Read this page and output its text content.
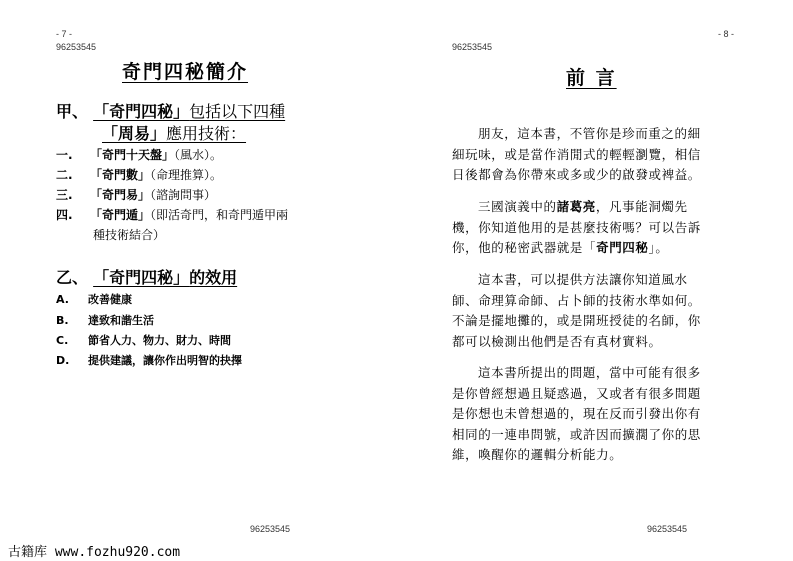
- 7 -
96253545
奇門四秘簡介
甲、 「奇門四秘」包括以下四種
「周易」應用技術：
一. 「奇門十天盤」（風水）。
二. 「奇門數」（命理推算）。
三. 「奇門易」（諮詢問事）
四. 「奇門遁」（即活奇門，和奇門遁甲兩
種技術結合）
乙、 「奇門四秘」的效用
A. 改善健康
B. 達致和諧生活
C. 節省人力、物力、財力、時間
D. 提供建議，讓你作出明智的抉擇
96253545
- 8 -
96253545
前 言
朋友，這本書，不管你是珍而重之的細
細玩味，或是當作消閒式的輕輕瀏覽，相信
日後都會為你帶來或多或少的啟發或裨益。
三國演義中的諸葛亮，凡事能洞燭先
機，你知道他用的是甚麼技術嗎？可以告訴
你，他的秘密武器就是「奇門四秘」。
這本書，可以提供方法讓你知道風水
師、命理算命師、占卜師的技術水準如何。
不論是擺地攤的，或是開班授徒的名師，你
都可以檢測出他們是否有真材實料。
這本書所提出的問題，當中可能有很多
是你曾經想過且疑惑過，又或者有很多問題
是你想也未曾想過的，現在反而引發出你有
相同的一連串問號，或許因而擴濶了你的思
維，喚醒你的邏輯分析能力。
96253545
古籍库 www.fozhu920.com
